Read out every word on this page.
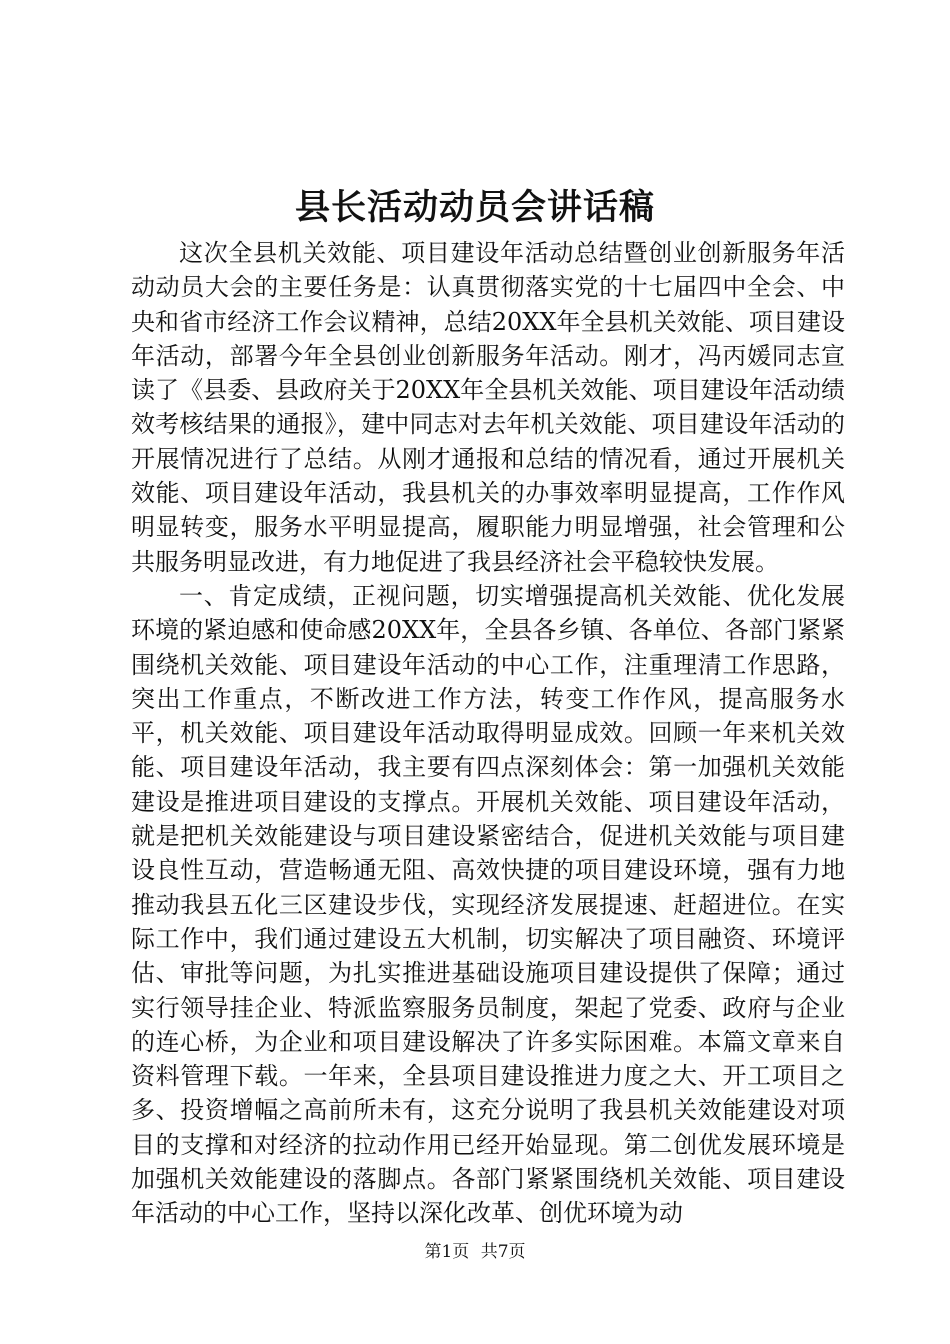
县长活动动员会讲话稿

这次全县机关效能、项目建设年活动总结暨创业创新服务年活动动员大会的主要任务是：认真贯彻落实党的十七届四中全会、中央和省市经济工作会议精神，总结20XX年全县机关效能、项目建设年活动，部署今年全县创业创新服务年活动。刚才，冯丙媛同志宣读了《县委、县政府关于20XX年全县机关效能、项目建设年活动绩效考核结果的通报》，建中同志对去年机关效能、项目建设年活动的开展情况进行了总结。从刚才通报和总结的情况看，通过开展机关效能、项目建设年活动，我县机关的办事效率明显提高，工作作风明显转变，服务水平明显提高，履职能力明显增强，社会管理和公共服务明显改进，有力地促进了我县经济社会平稳较快发展。

一、肯定成绩，正视问题，切实增强提高机关效能、优化发展环境的紧迫感和使命感20XX年，全县各乡镇、各单位、各部门紧紧围绕机关效能、项目建设年活动的中心工作，注重理清工作思路，突出工作重点，不断改进工作方法，转变工作作风，提高服务水平，机关效能、项目建设年活动取得明显成效。回顾一年来机关效能、项目建设年活动，我主要有四点深刻体会：第一加强机关效能建设是推进项目建设的支撑点。开展机关效能、项目建设年活动，就是把机关效能建设与项目建设紧密结合，促进机关效能与项目建设良性互动，营造畅通无阻、高效快捷的项目建设环境，强有力地推动我县五化三区建设步伐，实现经济发展提速、赶超进位。在实际工作中，我们通过建设五大机制，切实解决了项目融资、环境评估、审批等问题，为扎实推进基础设施项目建设提供了保障；通过实行领导挂企业、特派监察服务员制度，架起了党委、政府与企业的连心桥，为企业和项目建设解决了许多实际困难。本篇文章来自资料管理下载。一年来，全县项目建设推进力度之大、开工项目之多、投资增幅之高前所未有，这充分说明了我县机关效能建设对项目的支撑和对经济的拉动作用已经开始显现。第二创优发展环境是加强机关效能建设的落脚点。各部门紧紧围绕机关效能、项目建设年活动的中心工作，坚持以深化改革、创优环境为动

第1页 共7页
